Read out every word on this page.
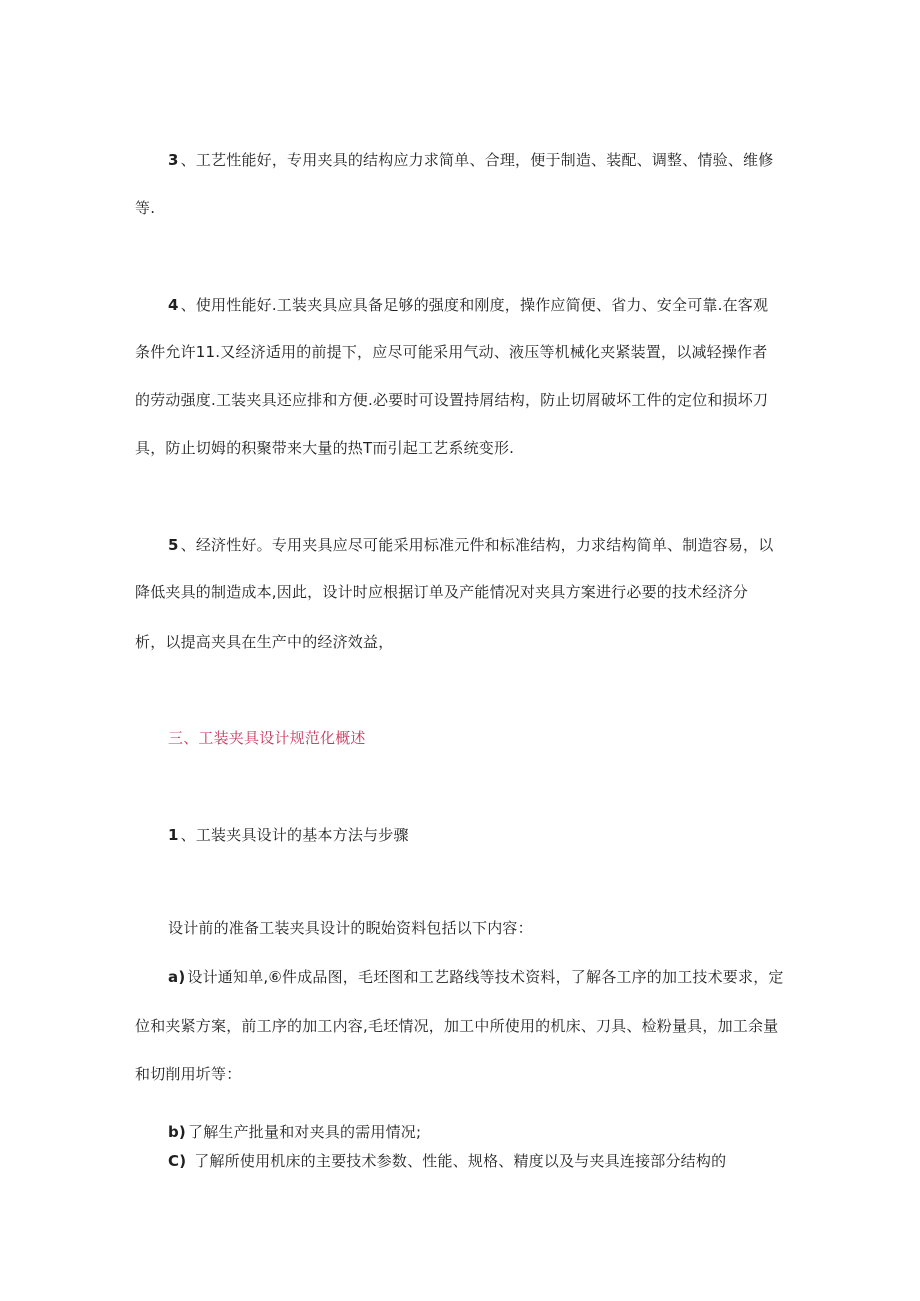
3 、工艺性能好，专用夹具的结构应力求简单、合理，便于制造、装配、调整、情验、维修
等.
4 、使用性能好.工装夹具应具备足够的强度和刚度，操作应简便、省力、安全可靠.在客观
条件允许11.又经济适用的前提下，应尽可能采用气动、液压等机械化夹紧装置，以减轻操作者
的劳动强度.工装夹具还应排和方便.必要时可设置持屑结构，防止切屑破坏工件的定位和损坏刀
具，防止切姆的积聚带来大量的热T而引起工艺系统变形.
5 、经济性好。专用夹具应尽可能采用标准元件和标准结构，力求结构简单、制造容易，以
降低夹具的制造成本,因此，设计时应根据订单及产能情况对夹具方案进行必要的技术经济分
析，以提高夹具在生产中的经济效益，
三、工装夹具设计规范化概述
1 、工装夹具设计的基本方法与步骤
设计前的准备工装夹具设计的睨始资料包括以下内容：
a) 设计通知单,⑥件成品图，毛坯图和工艺路线等技术资料，了解各工序的加工技术要求，定
位和夹紧方案，前工序的加工内容,毛坯情况，加工中所使用的机床、刀具、检粉量具，加工余量
和切削用圻等：
b) 了解生产批量和对夹具的需用情况;
C) 了解所使用机床的主要技术参数、性能、规格、精度以及与夹具连接部分结构的
